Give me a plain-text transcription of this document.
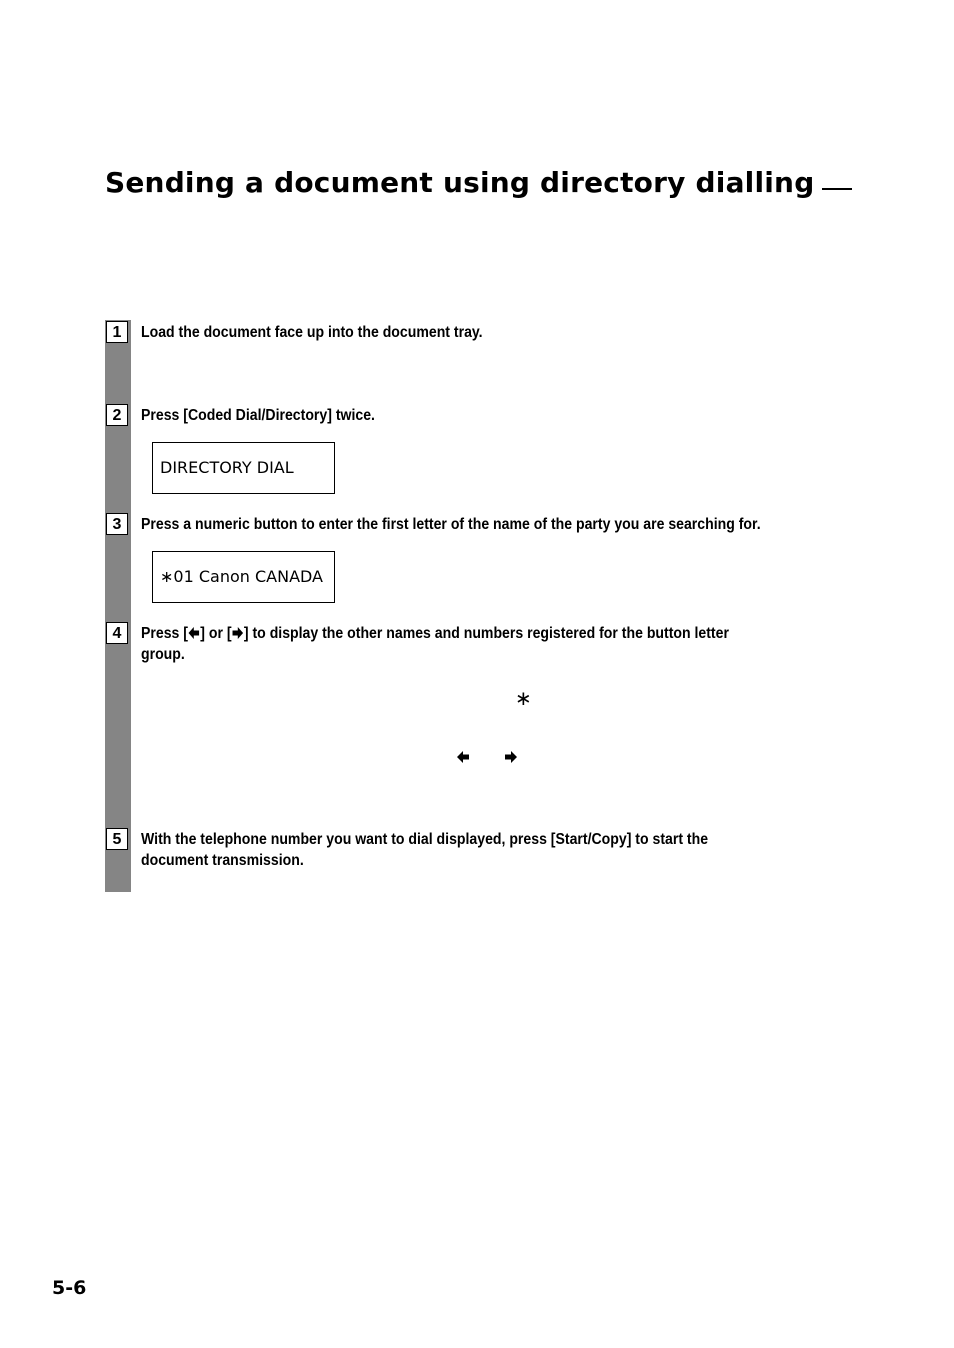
Sending a document using directory dialling
1	Load the document face up into the document tray.
2	Press [Coded Dial/Directory] twice.
DIRECTORY DIAL
3	Press a numeric button to enter the first letter of the name of the party you are searching for.
∗01 Canon CANADA
4	Press [ ] or [ ] to display the other names and numbers registered for the button letter group.
∗
5	With the telephone number you want to dial displayed, press [Start/Copy] to start the document transmission.
5-6
